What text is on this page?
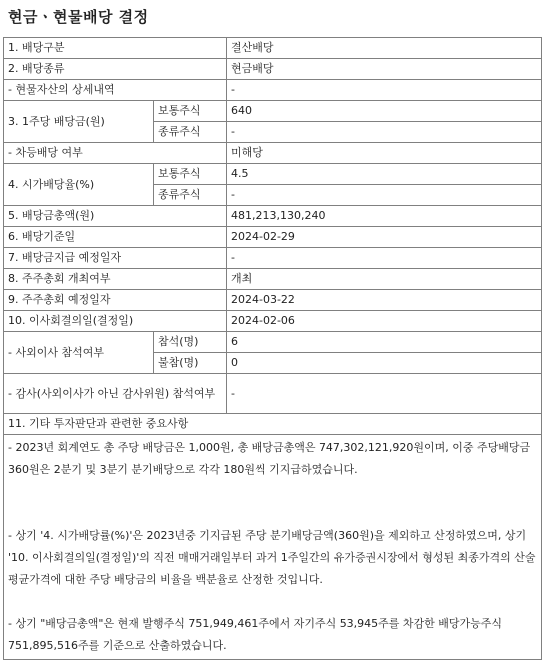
현금ㆍ현물배당 결정
1. 배당구분		결산배당
2. 배당종류		현금배당
- 현물자산의 상세내역		-
3. 1주당 배당금(원)	보통주식	640
	종류주식	-
- 차등배당 여부		미해당
4. 시가배당율(%)	보통주식	4.5
	종류주식	-
5. 배당금총액(원)		481,213,130,240
6. 배당기준일		2024-02-29
7. 배당금지급 예정일자		-
8. 주주총회 개최여부		개최
9. 주주총회 예정일자		2024-03-22
10. 이사회결의일(결정일)		2024-02-06
- 사외이사 참석여부	참석(명)	6
	불참(명)	0
- 감사(사외이사가 아닌 감사위원) 참석여부		-
11. 기타 투자판단과 관련한 중요사항		

- 2023년 회계연도 총 주당 배당금은 1,000원, 총 배당금총액은 747,302,121,920원이며, 이중 주당배당금 360원은 2분기 및 3분기 분기배당으로 각각 180원씩 기지급하였습니다.

- 상기 '4. 시가배당률(%)'은 2023년중 기지급된 주당 분기배당금액(360원)을 제외하고 산정하였으며, 상기 '10. 이사회결의일(결정일)'의 직전 매매거래일부터 과거 1주일간의 유가증권시장에서 형성된 최종가격의 산술평균가격에 대한 주당 배당금의 비율을 백분율로 산정한 것입니다.

- 상기 "배당금총액"은 현재 발행주식 751,949,461주에서 자기주식 53,945주를 차감한 배당가능주식 751,895,516주를 기준으로 산출하였습니다.		
